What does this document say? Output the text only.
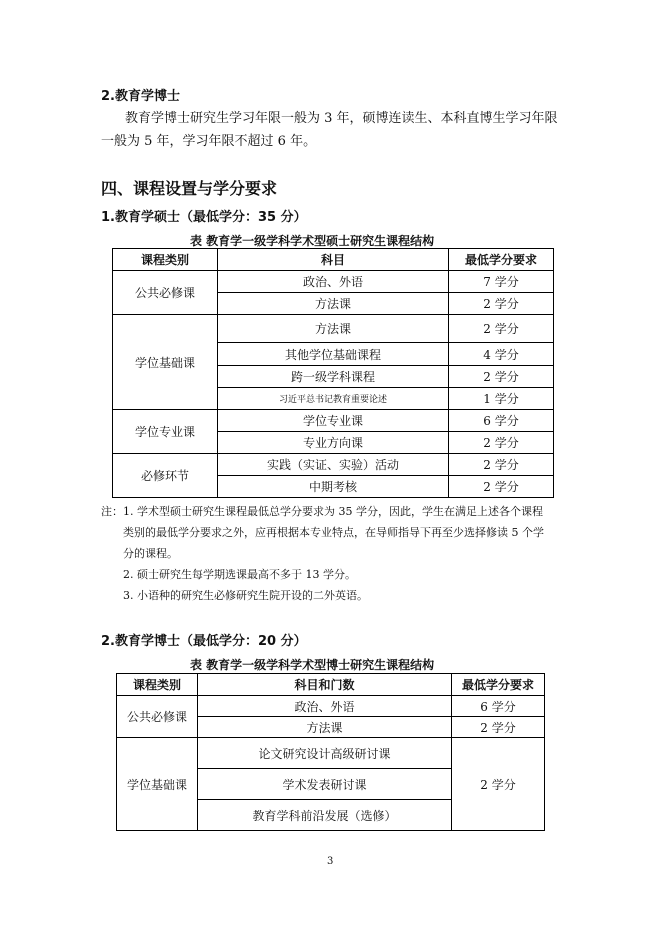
2.教育学博士
教育学博士研究生学习年限一般为 3 年，硕博连读生、本科直博生学习年限
一般为 5 年，学习年限不超过 6 年。
四、课程设置与学分要求
1.教育学硕士（最低学分：35 分）
表 教育学一级学科学术型硕士研究生课程结构
课程类别	科目	最低学分要求
公共必修课	政治、外语	7 学分
	方法课	2 学分
学位基础课	方法课	2 学分
	其他学位基础课程	4 学分
	跨一级学科课程	2 学分
	习近平总书记教育重要论述	1 学分
学位专业课	学位专业课	6 学分
	专业方向课	2 学分
必修环节	实践（实证、实验）活动	2 学分
	中期考核	2 学分
注： 1. 学术型硕士研究生课程最低总学分要求为 35 学分，因此，学生在满足上述各个课程
类别的最低学分要求之外，应再根据本专业特点，在导师指导下再至少选择修读 5 个学
分的课程。
2. 硕士研究生每学期选课最高不多于 13 学分。
3. 小语种的研究生必修研究生院开设的二外英语。
2.教育学博士（最低学分：20 分）
表 教育学一级学科学术型博士研究生课程结构
课程类别	科目和门数	最低学分要求
公共必修课	政治、外语	6 学分
	方法课	2 学分
学位基础课	论文研究设计高级研讨课	2 学分
	学术发表研讨课	
	教育学科前沿发展（选修）	
3
